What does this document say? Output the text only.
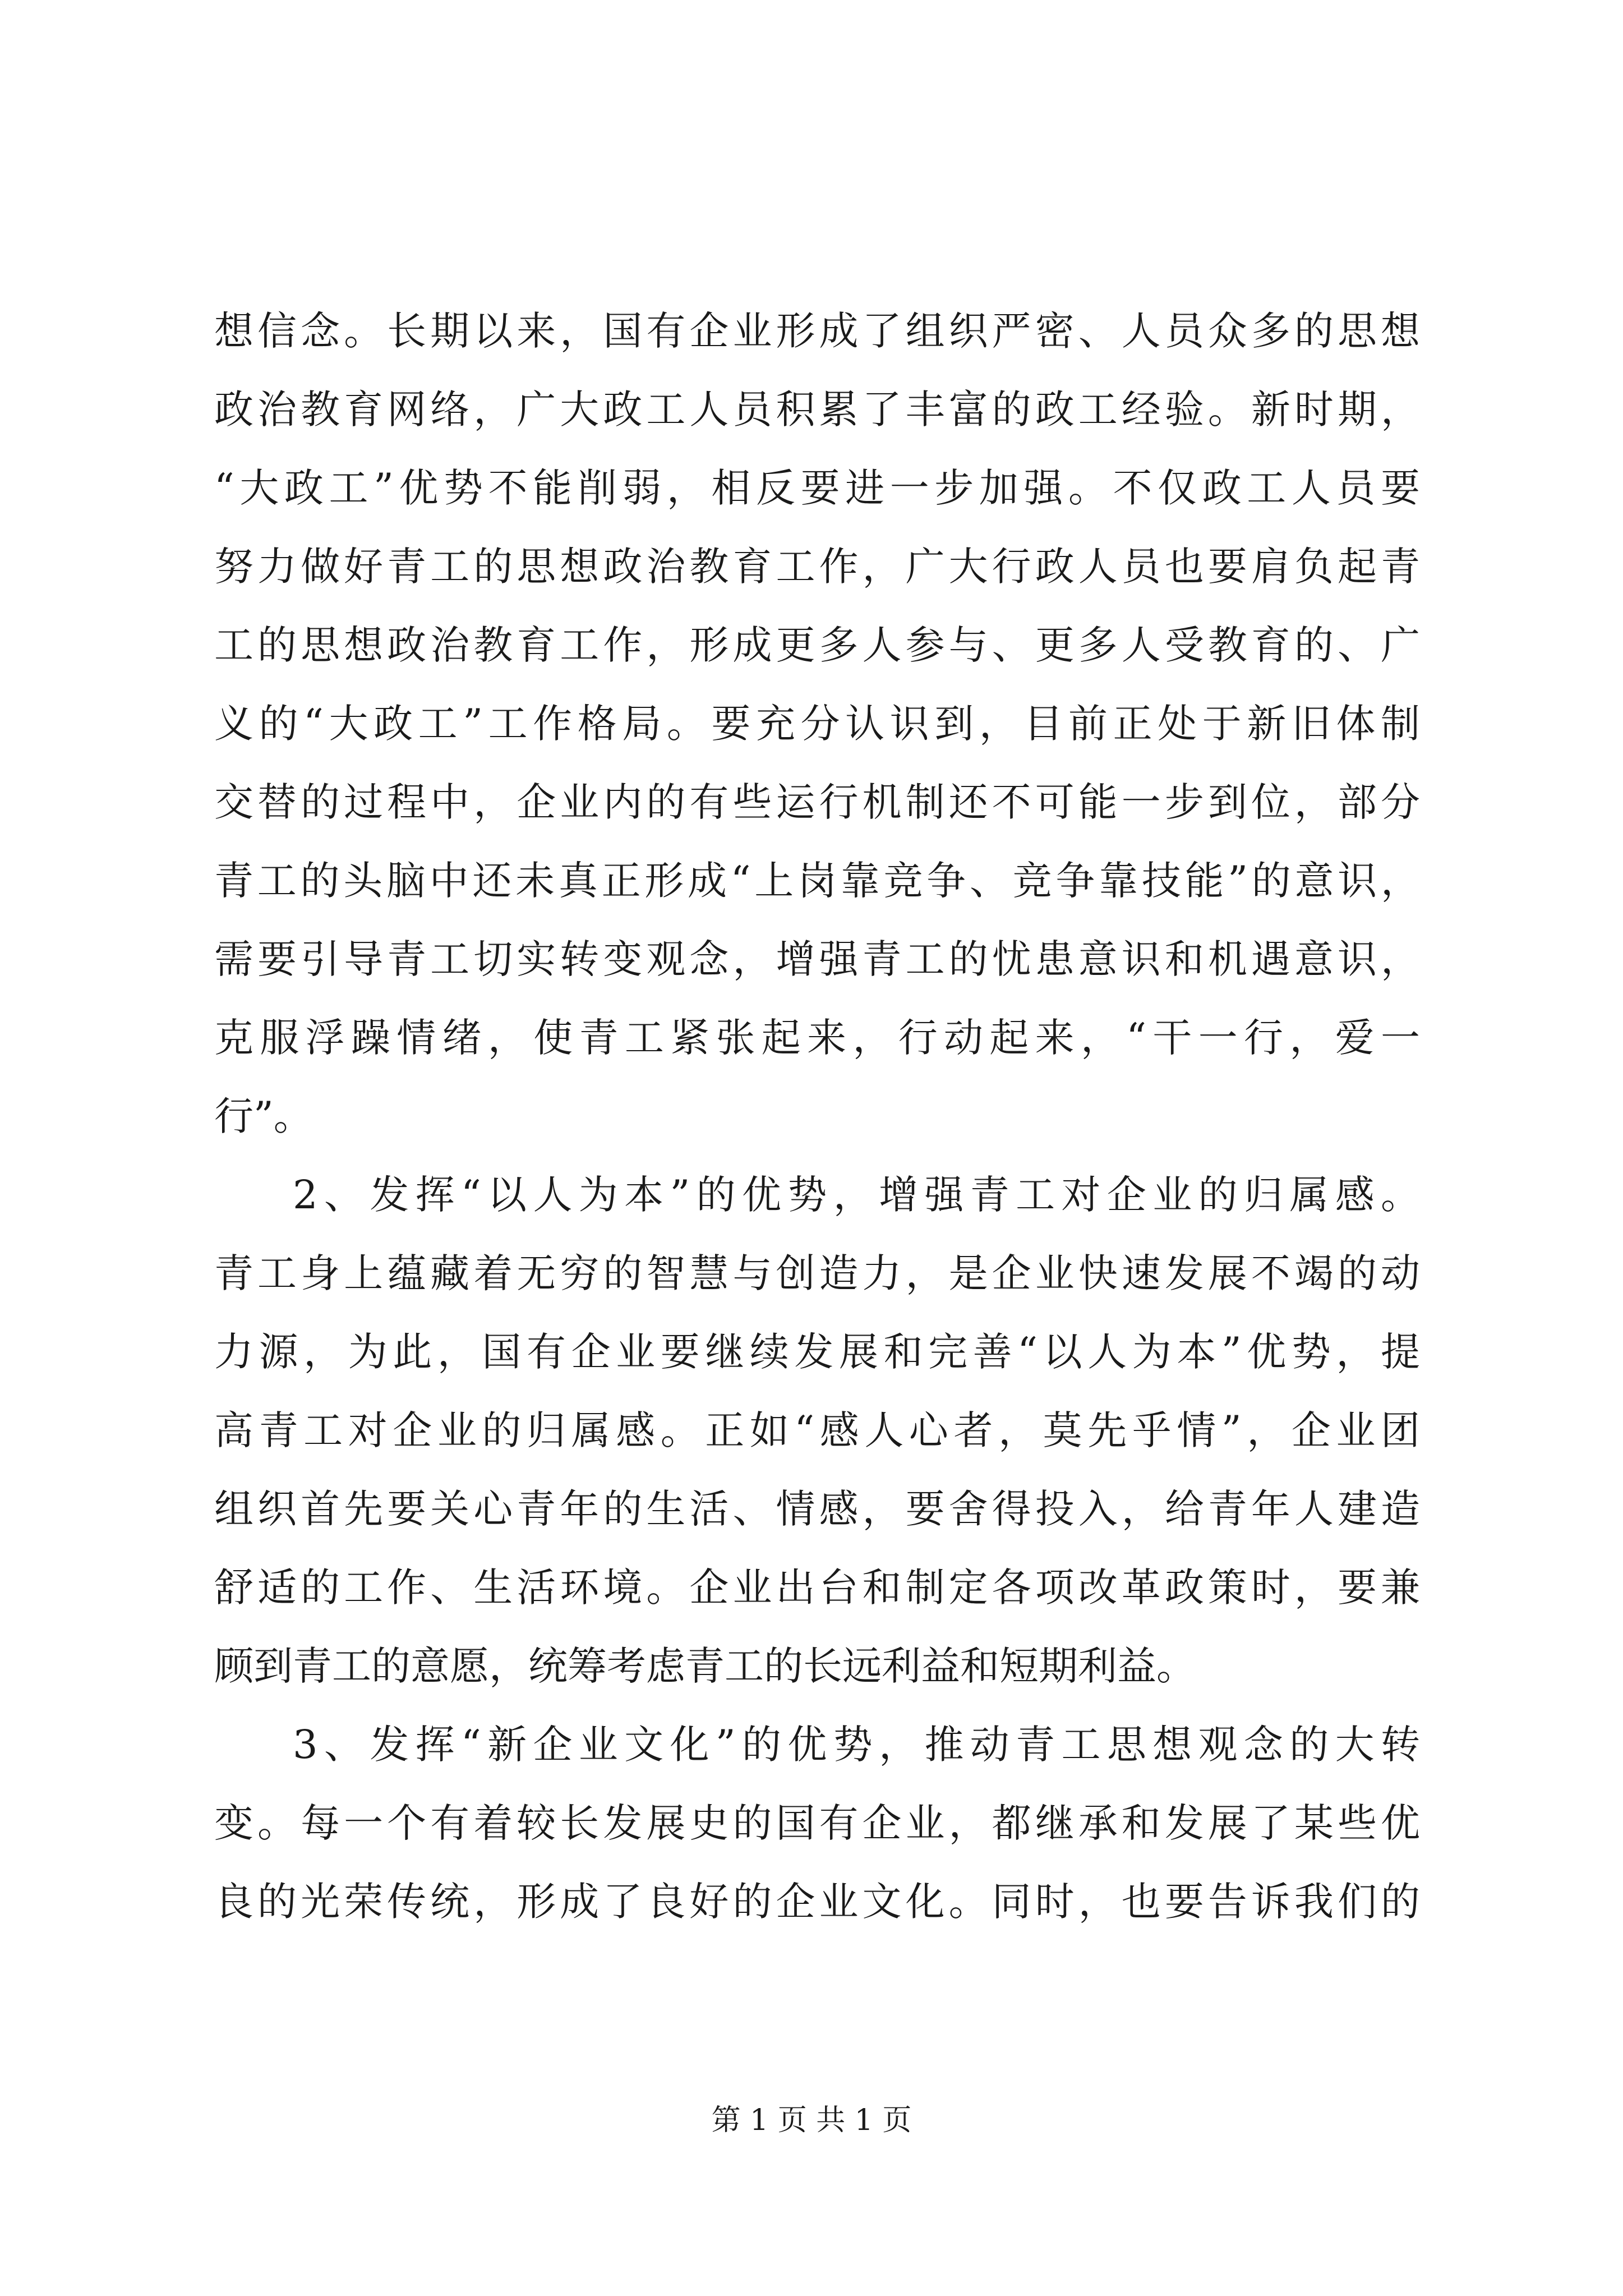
想信念。长期以来，国有企业形成了组织严密、人员众多的思想
政治教育网络，广大政工人员积累了丰富的政工经验。新时期，
“大政工”优势不能削弱，相反要进一步加强。不仅政工人员要
努力做好青工的思想政治教育工作，广大行政人员也要肩负起青
工的思想政治教育工作，形成更多人参与、更多人受教育的、广
义的“大政工”工作格局。要充分认识到，目前正处于新旧体制
交替的过程中，企业内的有些运行机制还不可能一步到位，部分
青工的头脑中还未真正形成“上岗靠竞争、竞争靠技能”的意识，
需要引导青工切实转变观念，增强青工的忧患意识和机遇意识，
克服浮躁情绪，使青工紧张起来，行动起来，“干一行，爱一
行”。
2、发挥“以人为本”的优势，增强青工对企业的归属感。
青工身上蕴藏着无穷的智慧与创造力，是企业快速发展不竭的动
力源，为此，国有企业要继续发展和完善“以人为本”优势，提
高青工对企业的归属感。正如“感人心者，莫先乎情”，企业团
组织首先要关心青年的生活、情感，要舍得投入，给青年人建造
舒适的工作、生活环境。企业出台和制定各项改革政策时，要兼
顾到青工的意愿，统筹考虑青工的长远利益和短期利益。
3、发挥“新企业文化”的优势，推动青工思想观念的大转
变。每一个有着较长发展史的国有企业，都继承和发展了某些优
良的光荣传统，形成了良好的企业文化。同时，也要告诉我们的
第 1 页 共 1 页
